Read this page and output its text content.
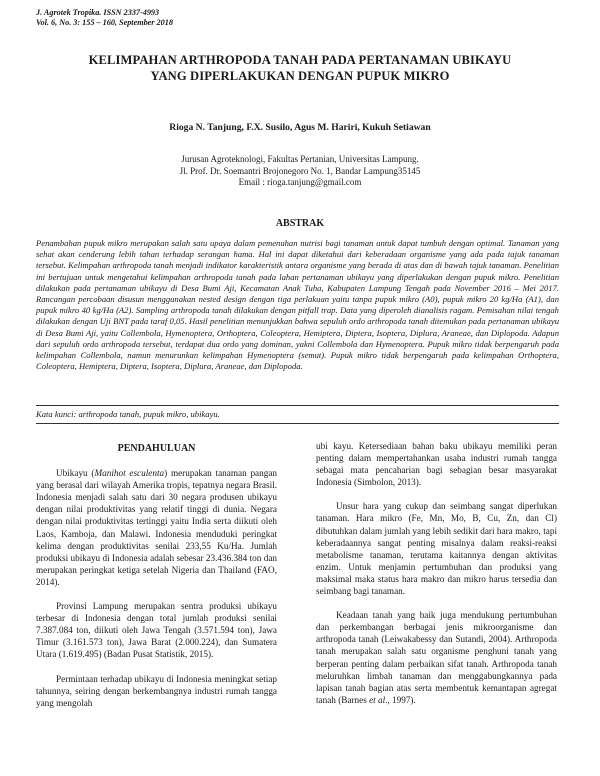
J. Agrotek Tropika. ISSN 2337-4993
Vol. 6, No. 3: 155 – 160, September 2018
KELIMPAHAN ARTHROPODA TANAH PADA PERTANAMAN UBIKAYU
YANG DIPERLAKUKAN DENGAN PUPUK MIKRO
Rioga N. Tanjung, F.X. Susilo, Agus M. Hariri, Kukuh Setiawan
Jurusan Agroteknologi, Fakultas Pertanian, Universitas Lampung.
Jl. Prof. Dr. Soemantri Brojonegoro No. 1, Bandar Lampung35145
Email : rioga.tanjung@gmail.com
ABSTRAK
Penambahan pupuk mikro merupakan salah satu upaya dalam pemenuhan nutrisi bagi tanaman untuk dapat tumbuh dengan optimal. Tanaman yang sehat akan cenderung lebih tahan terhadap serangan hama. Hal ini dapat diketahui dari keberadaan organisme yang ada pada tajuk tanaman tersebut. Kelimpahan arthropoda tanah menjadi indikator karakteristik antara organisme yang berada di atas dan di bawah tajuk tanaman. Penelitian ini bertujuan untuk mengetahui kelimpahan arthropoda tanah pada lahan pertanaman ubikayu yang diperlakukan dengan pupuk mikro. Penelitian dilakukan pada pertanaman ubikayu di Desa Bumi Aji, Kecamatan Anak Tuha, Kabupaten Lampung Tengah pada November 2016 – Mei 2017. Rancangan percobaan disusun menggunakan nested design dengan tiga perlakuan yaitu tanpa pupuk mikro (A0), pupuk mikro 20 kg/Ha (A1), dan pupuk mikro 40 kg/Ha (A2). Sampling arthropoda tanah dilakukan dengan pitfall trap. Data yang diperoleh dianalisis ragam. Pemisahan nilai tengah dilakukan dengan Uji BNT pada taraf 0,05. Hasil penelitian menunjukkan bahwa sepuluh ordo arthropoda tanah ditemukan pada pertanaman ubikayu di Desa Bumi Aji, yaitu Collembola, Hymenoptera, Orthoptera, Coleoptera, Hemiptera, Diptera, Isoptera, Diplura, Araneae, dan Diplopoda. Adapun dari sepuluh ordo arthropoda tersebut, terdapat dua ordo yang dominan, yakni Collembola dan Hymenoptera. Pupuk mikro tidak berpengaruh pada kelimpahan Collembola, namun menurunkan kelimpahan Hymenoptera (semut). Pupuk mikro tidak berpengaruh pada kelimpahan Orthoptera, Coleoptera, Hemiptera, Diptera, Isoptera, Diplura, Araneae, dan Diplopoda.
Kata kunci: arthropoda tanah, pupuk mikro, ubikayu.
PENDAHULUAN

Ubikayu (Manihot esculenta) merupakan tanaman pangan yang berasal dari wilayah Amerika tropis, tepatnya negara Brasil. Indonesia menjadi salah satu dari 30 negara produsen ubikayu dengan nilai produktivitas yang relatif tinggi di dunia. Negara dengan nilai produktivitas tertinggi yaitu India serta diikuti oleh Laos, Kamboja, dan Malawi. Indonesia menduduki peringkat kelima dengan produktivitas senilai 233,55 Ku/Ha. Jumlah produksi ubikayu di Indonesia adalah sebesar 23.436.384 ton dan merupakan peringkat ketiga setelah Nigeria dan Thailand (FAO, 2014).

Provinsi Lampung merupakan sentra produksi ubikayu terbesar di Indonesia dengan total jumlah produksi senilai 7.387.084 ton, diikuti oleh Jawa Tengah (3.571.594 ton), Jawa Timur (3.161.573 ton), Jawa Barat (2.000.224), dan Sumatera Utara (1.619.495) (Badan Pusat Statistik, 2015).

Permintaan terhadap ubikayu di Indonesia meningkat setiap tahunnya, seiring dengan berkembangnya industri rumah tangga yang mengolah

ubi kayu. Ketersediaan bahan baku ubikayu memiliki peran penting dalam mempertahankan usaha industri rumah tangga sebagai mata pencaharian bagi sebagian besar masyarakat Indonesia (Simbolon, 2013).

Unsur hara yang cukup dan seimbang sangat diperlukan tanaman. Hara mikro (Fe, Mn, Mo, B, Cu, Zn, dan Cl) dibutuhkan dalam jumlah yang lebih sedikit dari hara makro, tapi keberadaannya sangat penting misalnya dalam reaksi-reaksi metabolisme tanaman, terutama kaitannya dengan aktivitas enzim. Untuk menjamin pertumbuhan dan produksi yang maksimal maka status hara makro dan mikro harus tersedia dan seimbang bagi tanaman.

Keadaan tanah yang baik juga mendukung pertumbuhan dan perkembangan berbagai jenis mikroorganisme dan arthropoda tanah (Leiwakabessy dan Sutandi, 2004). Arthropoda tanah merupakan salah satu organisme penghuni tanah yang berperan penting dalam perbaikan sifat tanah. Arthropoda tanah meluruhkan limbah tanaman dan menggabungkannya pada lapisan tanah bagian atas serta membentuk kemantapan agregat tanah (Barnes et al., 1997).
